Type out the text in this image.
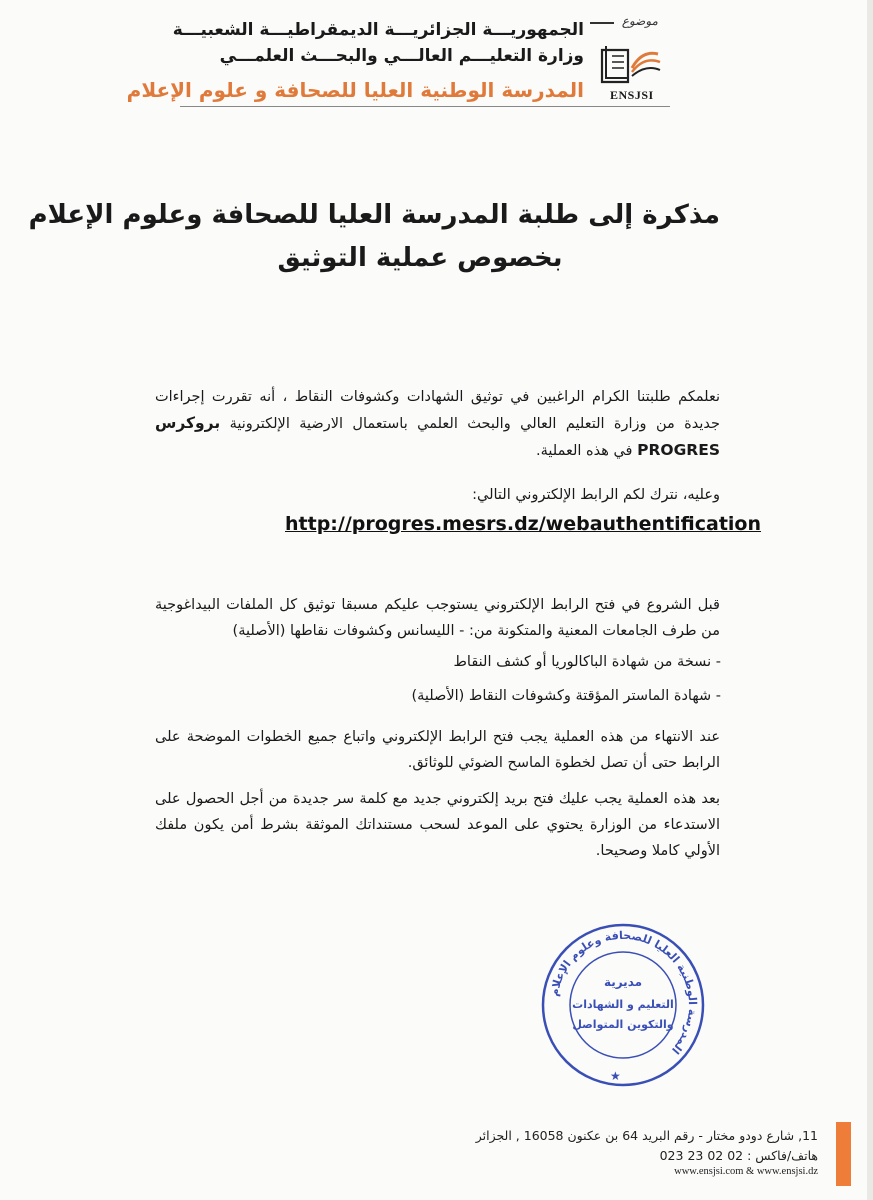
الجمهوريـــة الجزائريـــة الديمقراطيـــة الشعبيـــة
وزارة التعليـــم العالـــي والبحـــث العلمـــي
المدرسة الوطنية العليا للصحافة و علوم الإعلام
موضوع
ENSJSI
مذكرة إلى طلبة المدرسة العليا للصحافة وعلوم الإعلام
بخصوص عملية التوثيق
نعلمكم طلبتنا الكرام الراغبين في توثيق الشهادات وكشوفات النقاط ، أنه تقررت إجراءات جديدة من وزارة التعليم العالي والبحث العلمي باستعمال الارضية الإلكترونية بروكرس PROGRES في هذه العملية.
وعليه، نترك لكم الرابط الإلكتروني التالي:
http://progres.mesrs.dz/webauthentification
قبل الشروع في فتح الرابط الإلكتروني يستوجب عليكم مسبقا توثيق كل الملفات البيداغوجية من طرف الجامعات المعنية والمتكونة من: - الليسانس وكشوفات نقاطها (الأصلية)
- نسخة من شهادة الباكالوريا أو كشف النقاط
- شهادة الماستر المؤقتة وكشوفات النقاط (الأصلية)
عند الانتهاء من هذه العملية يجب فتح الرابط الإلكتروني واتباع جميع الخطوات الموضحة على الرابط حتى أن تصل لخطوة الماسح الضوئي للوثائق.
بعد هذه العملية يجب عليك فتح بريد إلكتروني جديد مع كلمة سر جديدة من أجل الحصول على الاستدعاء من الوزارة يحتوي على الموعد لسحب مستنداتك الموثقة بشرط أمن يكون ملفك الأولي كاملا وصحيحا.
المدرسة الوطنية العليا للصحافة وعلوم الإعلام
مديرية
التعليم و الشهادات
والتكوين المتواصل
★
11, شارع دودو مختار - رقم البريد 64 بن عكنون 16058 , الجزائر
هاتف/فاكس : 02 02 23 023
www.ensjsi.com & www.ensjsi.dz
